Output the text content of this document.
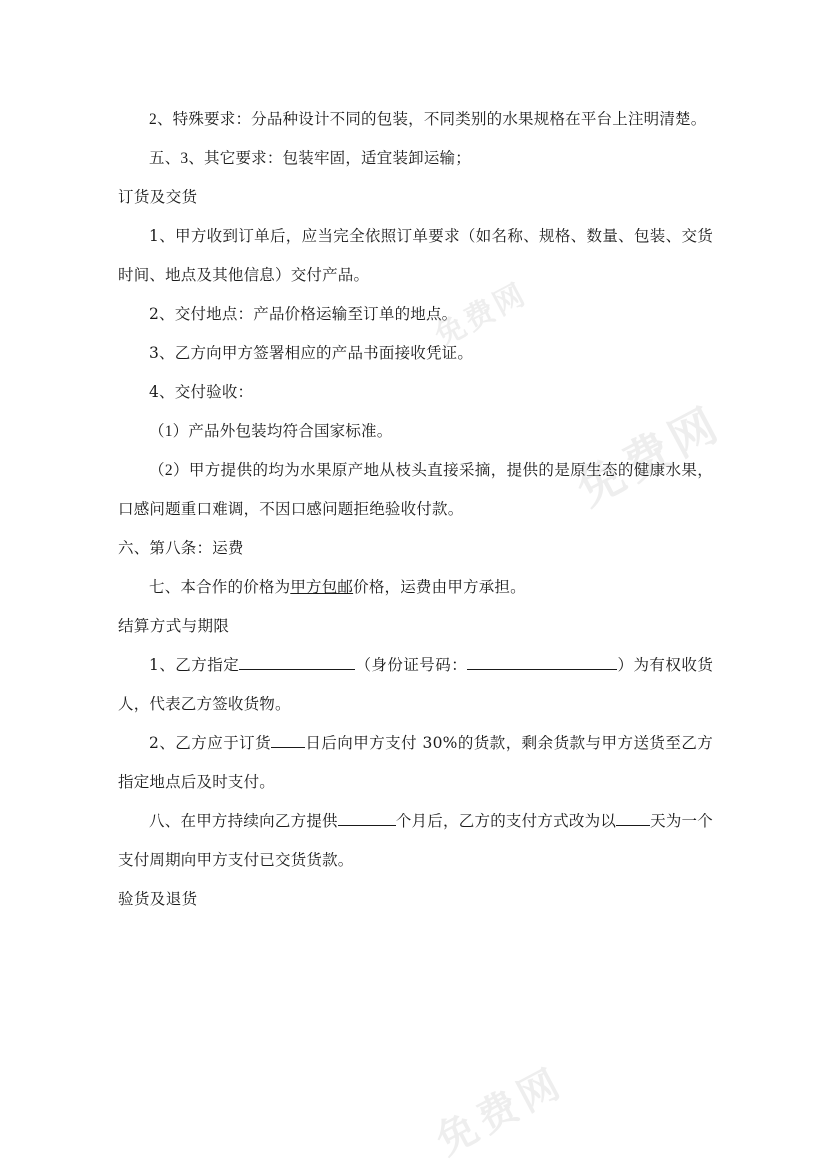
免费网
免费网
免费网

2、特殊要求：分品种设计不同的包装，不同类别的水果规格在平台上注明清楚。

五、3、其它要求：包装牢固，适宜装卸运输；

订货及交货

1、甲方收到订单后，应当完全依照订单要求（如名称、规格、数量、包装、交货时间、地点及其他信息）交付产品。

2、交付地点：产品价格运输至订单的地点。

3、乙方向甲方签署相应的产品书面接收凭证。

4、交付验收：

（1）产品外包装均符合国家标准。

（2）甲方提供的均为水果原产地从枝头直接采摘，提供的是原生态的健康水果，口感问题重口难调，不因口感问题拒绝验收付款。

六、第八条：运费

七、本合作的价格为甲方包邮价格，运费由甲方承担。

结算方式与期限

1、乙方指定	（身份证号码：	）为有权收货人，代表乙方签收货物。

2、乙方应于订货 日后向甲方支付 30%的货款，剩余货款与甲方送货至乙方指定地点后及时支付。

八、在甲方持续向乙方提供	个月后，乙方的支付方式改为以 天为一个支付周期向甲方支付已交货货款。

验货及退货
